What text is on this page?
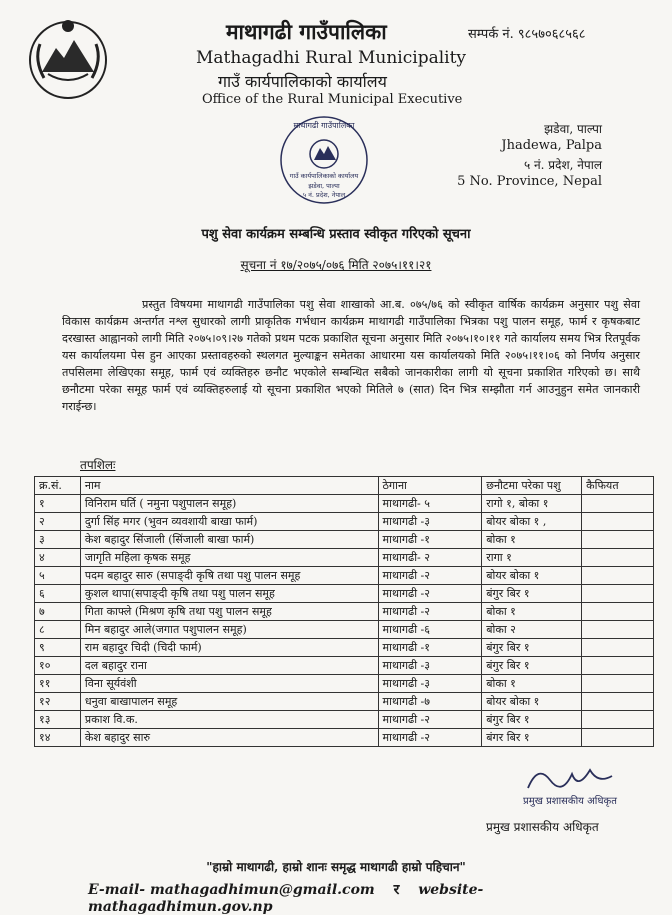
माथागढी गाउँपालिका
Mathagadhi Rural Municipality
गाउँ कार्यपालिकाको कार्यालय
Office of the Rural Municipal Executive
सम्पर्क नं. ९८५७०६८५६८
माथागढी गाउँपालिका
गाउँ कार्यपालिकाको कार्यालय
झडेवा, पाल्पा
५ नं. प्रदेश, नेपाल
झडेवा, पाल्पा
Jhadewa, Palpa
५ नं. प्रदेश, नेपाल
5 No. Province, Nepal
पशु सेवा कार्यक्रम सम्बन्धि प्रस्ताव स्वीकृत गरिएको सूचना
सूचना नं १७/२०७५/०७६ मिति २०७५।११।२१
प्रस्तुत विषयमा माथागढी गाउँपालिका पशु सेवा शाखाको आ.ब. ०७५/७६ को स्वीकृत वार्षिक कार्यक्रम अनुसार पशु सेवा विकास कार्यक्रम अन्तर्गत नश्ल सुधारको लागी प्राकृतिक गर्भधान कार्यक्रम माथागढी गाउँपालिका भित्रका पशु पालन समूह, फार्म र कृषकबाट दरखास्त आह्वानको लागी मिति २०७५।०९।२७ गतेको प्रथम पटक प्रकाशित सूचना अनुसार मिति २०७५।१०।११ गते कार्यालय समय भित्र रितपूर्वक यस कार्यालयमा पेस हुन आएका प्रस्तावहरुको स्थलगत मुल्याङ्कन समेतका आधारमा यस कार्यालयको मिति २०७५।११।०६ को निर्णय अनुसार तपसिलमा लेखिएका समूह, फार्म एवं व्यक्तिहरु छनौट भएकोले सम्बन्धित सबैको जानकारीका लागी यो सूचना प्रकाशित गरिएको छ। साथै छनौटमा परेका समूह फार्म एवं व्यक्तिहरुलाई यो सूचना प्रकाशित भएको मितिले ७ (सात) दिन भित्र सम्झौता गर्न आउनुहुन समेत जानकारी गराईन्छ।
तपशिलः
क्र.सं.	नाम	ठेगाना	छनौटमा परेका पशु	कैफियत
१	विनिराम घर्ति ( नमुना पशुपालन समूह)	माथागढी- ५	रागो १, बोका १	
२	दुर्गा सिंह मगर (भुवन व्यवशायी बाखा फार्म)	माथागढी -३	बोयर बोका १ ,	
३	केश बहादुर सिंजाली (सिंजाली बाखा फार्म)	माथागढी -१	बोका १	
४	जागृति महिला कृषक समूह	माथागढी- २	रागा १	
५	पदम बहादुर सारु (सपाङ्दी कृषि तथा पशु पालन समूह	माथागढी -२	बोयर बोका १	
६	कुशल थापा(सपाङ्दी कृषि तथा पशु पालन समूह	माथागढी -२	बंगुर बिर १	
७	गिता काफ्ले (मिश्रण कृषि तथा पशु पालन समूह	माथागढी -२	बोका १	
८	मिन बहादुर आले(जगात पशुपालन समूह)	माथागढी -६	बोका २	
९	राम बहादुर चिदी (चिदी फार्म)	माथागढी -१	बंगुर बिर १	
१०	दल बहादुर राना	माथागढी -३	बंगुर बिर १	
११	विना सूर्यवंशी	माथागढी -३	बोका १	
१२	धनुवा बाखापालन समूह	माथागढी -७	बोयर बोका १	
१३	प्रकाश वि.क.	माथागढी -२	बंगुर बिर १	
१४	केश बहादुर सारु	माथागढी -२	बंगर बिर १	
प्रमुख प्रशासकीय अधिकृत
प्रमुख प्रशासकीय अधिकृत
"हाम्रो माथागढी, हाम्रो शानः समृद्ध माथागढी हाम्रो पहिचान"
E-mail- mathagadhimun@gmail.com र website- mathagadhimun.gov.np
